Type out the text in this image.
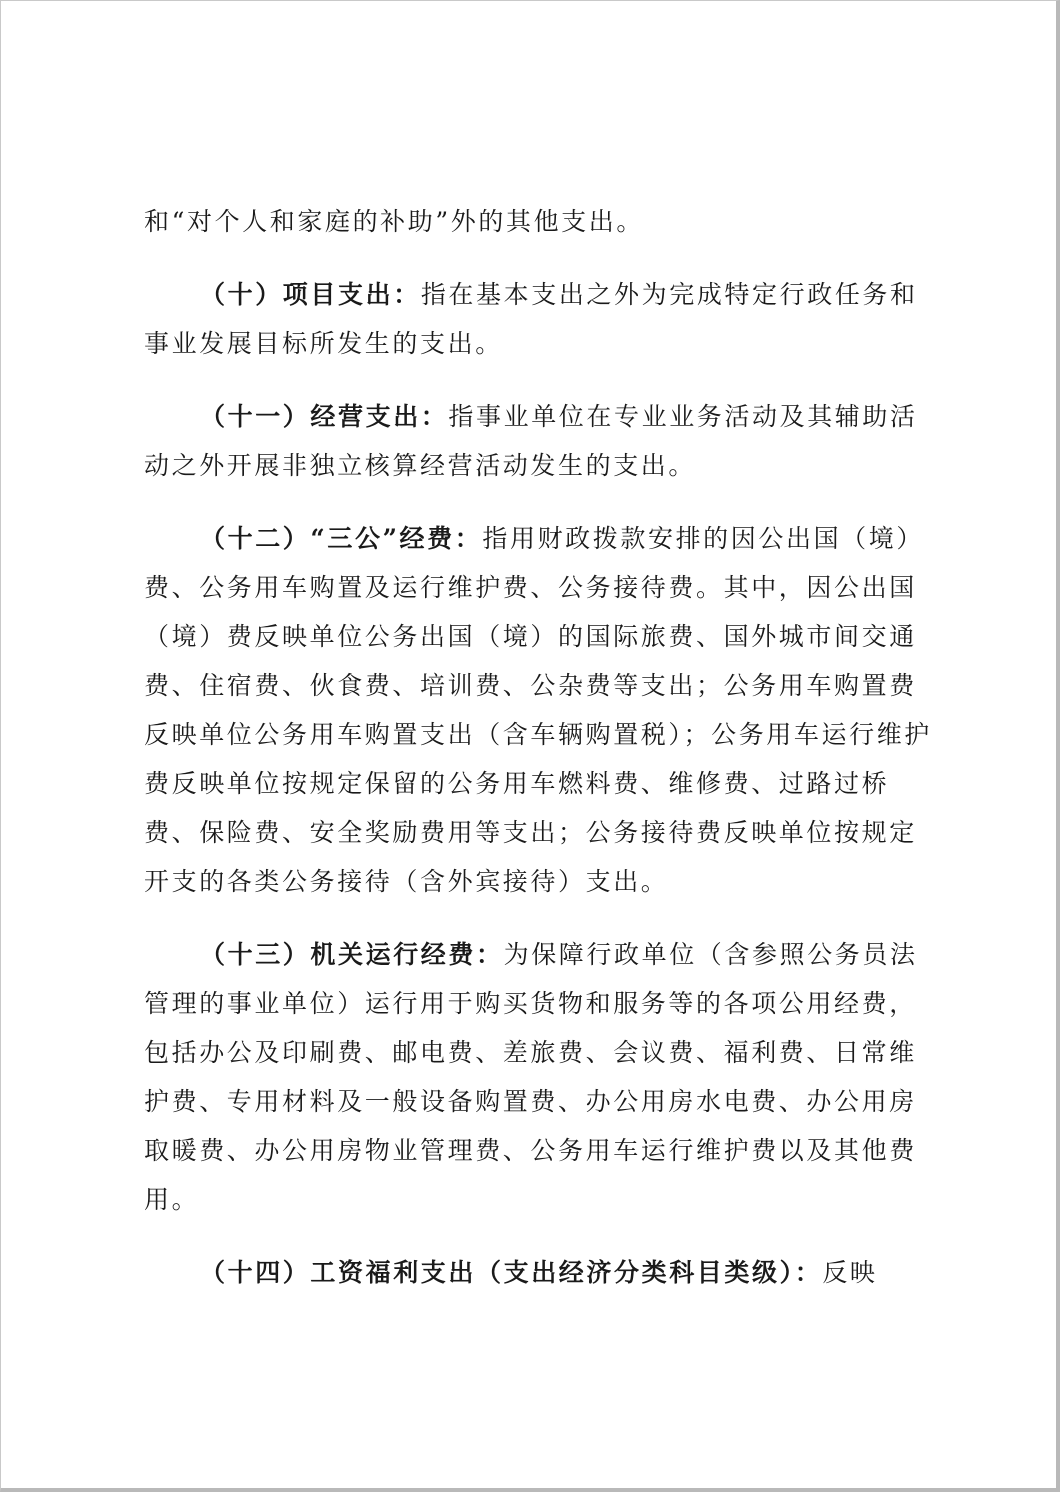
和“对个人和家庭的补助”外的其他支出。

（十）项目支出：指在基本支出之外为完成特定行政任务和事业发展目标所发生的支出。

（十一）经营支出：指事业单位在专业业务活动及其辅助活动之外开展非独立核算经营活动发生的支出。

（十二）“三公”经费：指用财政拨款安排的因公出国（境）费、公务用车购置及运行维护费、公务接待费。其中，因公出国（境）费反映单位公务出国（境）的国际旅费、国外城市间交通费、住宿费、伙食费、培训费、公杂费等支出；公务用车购置费反映单位公务用车购置支出（含车辆购置税）；公务用车运行维护费反映单位按规定保留的公务用车燃料费、维修费、过路过桥费、保险费、安全奖励费用等支出；公务接待费反映单位按规定开支的各类公务接待（含外宾接待）支出。

（十三）机关运行经费：为保障行政单位（含参照公务员法管理的事业单位）运行用于购买货物和服务等的各项公用经费，包括办公及印刷费、邮电费、差旅费、会议费、福利费、日常维护费、专用材料及一般设备购置费、办公用房水电费、办公用房取暖费、办公用房物业管理费、公务用车运行维护费以及其他费用。

（十四）工资福利支出（支出经济分类科目类级）：反映
